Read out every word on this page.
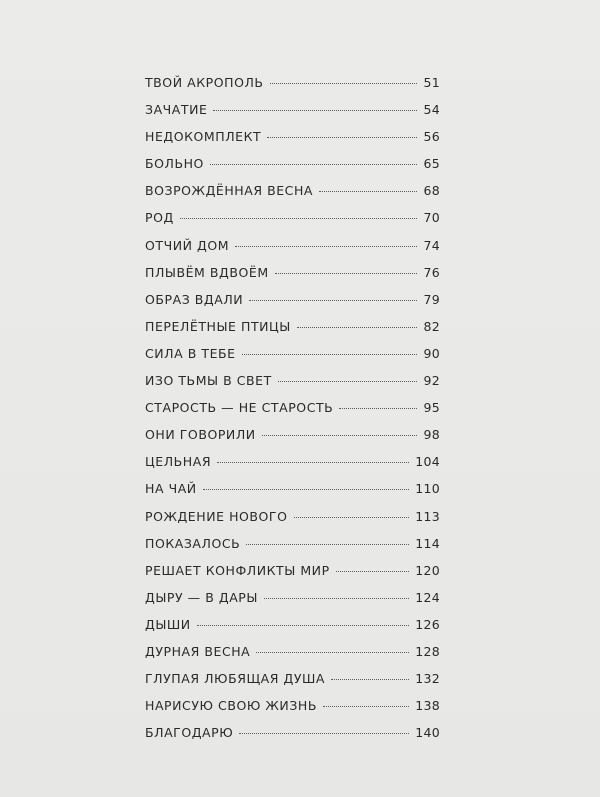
ТВОЙ АКРОПОЛЬ	51
ЗАЧАТИЕ	54
НЕДОКОМПЛЕКТ	56
БОЛЬНО	65
ВОЗРОЖДЁННАЯ ВЕСНА	68
РОД	70
ОТЧИЙ ДОМ	74
ПЛЫВЁМ ВДВОЁМ	76
ОБРАЗ ВДАЛИ	79
ПЕРЕЛЁТНЫЕ ПТИЦЫ	82
СИЛА В ТЕБЕ	90
ИЗО ТЬМЫ В СВЕТ	92
СТАРОСТЬ — НЕ СТАРОСТЬ	95
ОНИ ГОВОРИЛИ	98
ЦЕЛЬНАЯ	104
НА ЧАЙ	110
РОЖДЕНИЕ НОВОГО	113
ПОКАЗАЛОСЬ	114
РЕШАЕТ КОНФЛИКТЫ МИР	120
ДЫРУ — В ДАРЫ	124
ДЫШИ	126
ДУРНАЯ ВЕСНА	128
ГЛУПАЯ ЛЮБЯЩАЯ ДУША	132
НАРИСУЮ СВОЮ ЖИЗНЬ	138
БЛАГОДАРЮ	140
